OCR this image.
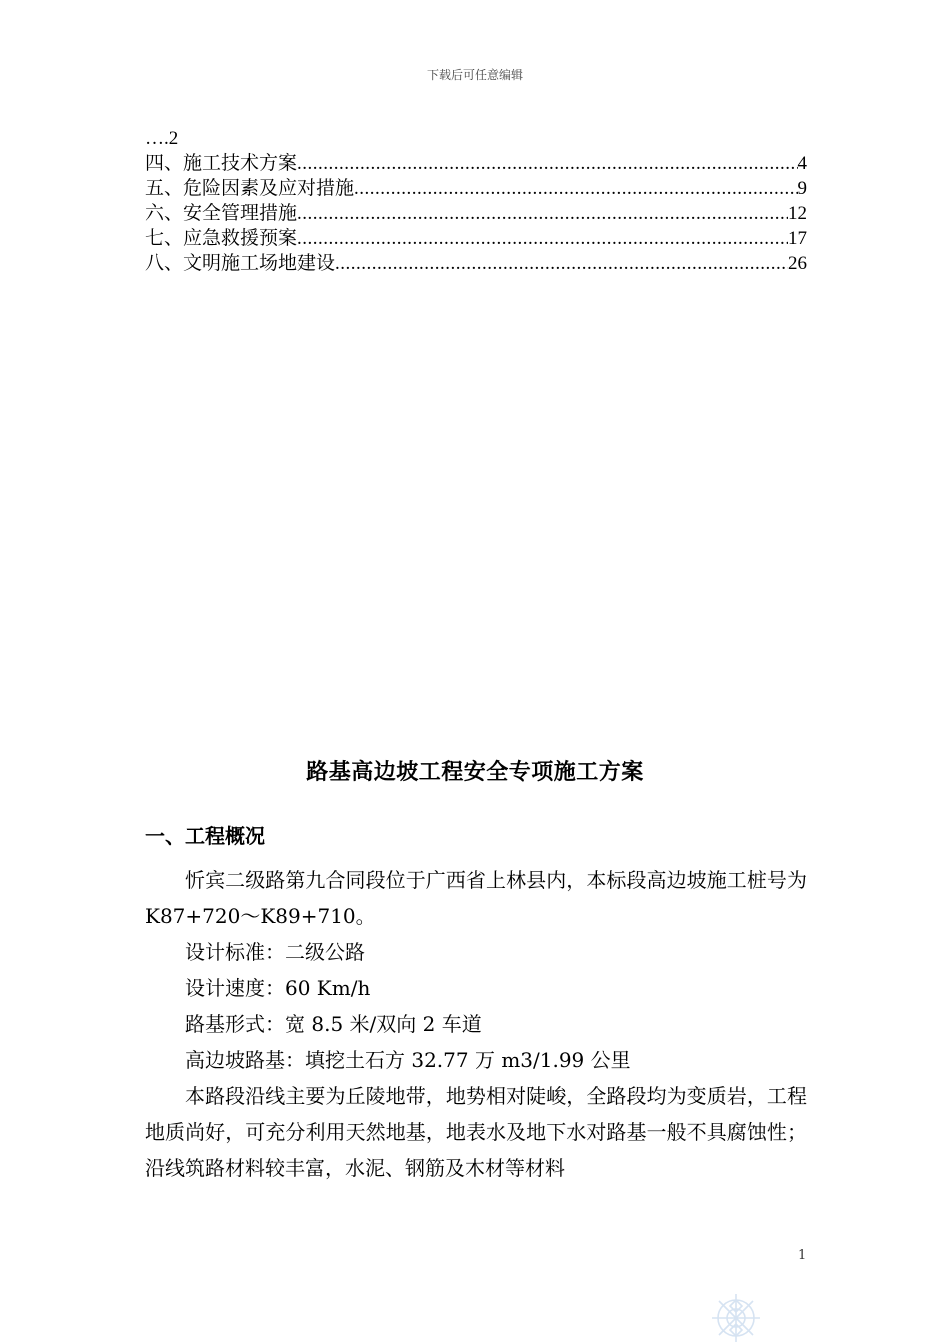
下载后可任意编辑
….2
四、施工技术方案 .....	4
五、危险因素及应对措施 .....	9
六、安全管理措施 .....	12
七、应急救援预案 .....	17
八、文明施工场地建设 .....	26
路基高边坡工程安全专项施工方案
一、工程概况

忻宾二级路第九合同段位于广西省上林县内，本标段高边坡施工桩号为K87+720～K89+710。

设计标准：二级公路

设计速度：60 Km/h

路基形式：宽 8.5 米/双向 2 车道

高边坡路基：填挖土石方 32.77 万 m3/1.99 公里

本路段沿线主要为丘陵地带，地势相对陡峻，全路段均为变质岩，工程地质尚好，可充分利用天然地基，地表水及地下水对路基一般不具腐蚀性；沿线筑路材料较丰富，水泥、钢筋及木材等材料

1
